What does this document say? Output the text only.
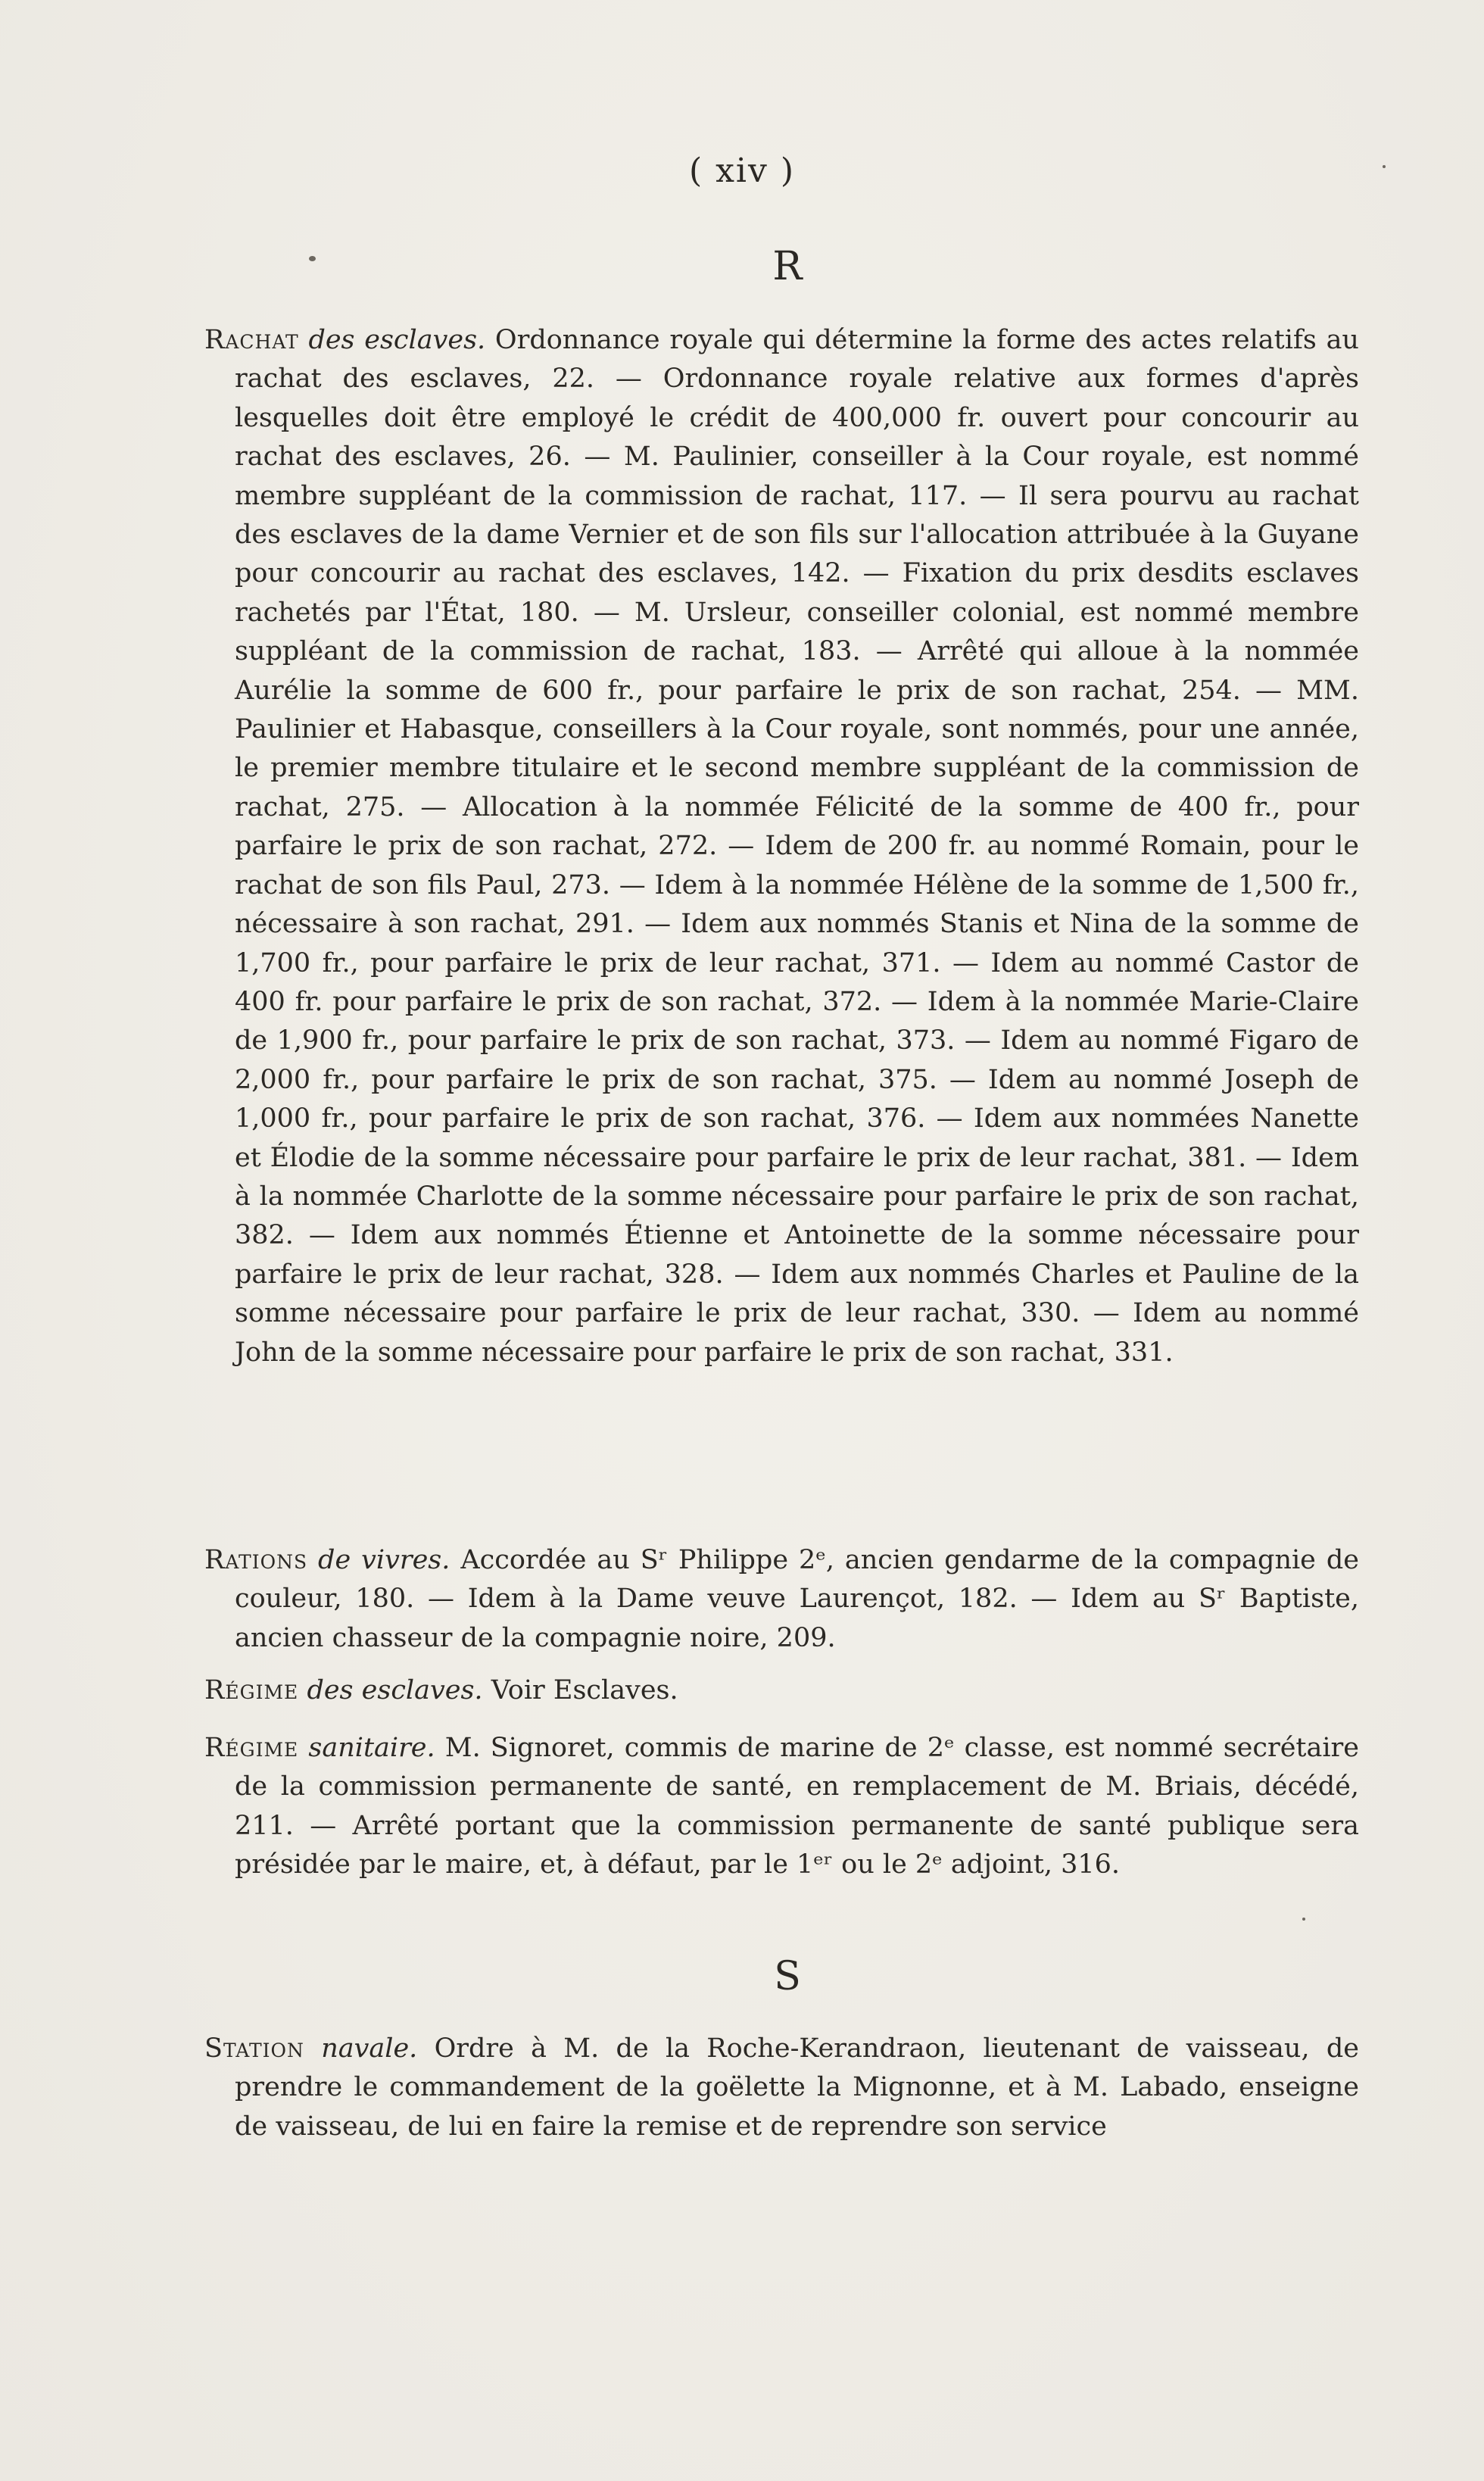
( xiv )
R
Rachat des esclaves. Ordonnance royale qui détermine la forme des actes relatifs au rachat des esclaves, 22. — Ordonnance royale relative aux formes d'après lesquelles doit être employé le crédit de 400,000 fr. ouvert pour concourir au rachat des esclaves, 26. — M. Paulinier, conseiller à la Cour royale, est nommé membre suppléant de la commission de rachat, 117. — Il sera pourvu au rachat des esclaves de la dame Vernier et de son fils sur l'allocation attribuée à la Guyane pour concourir au rachat des esclaves, 142. — Fixation du prix desdits esclaves rachetés par l'État, 180. — M. Ursleur, conseiller colonial, est nommé membre suppléant de la commission de rachat, 183. — Arrêté qui alloue à la nommée Aurélie la somme de 600 fr., pour parfaire le prix de son rachat, 254. — MM. Paulinier et Habasque, conseillers à la Cour royale, sont nommés, pour une année, le premier membre titulaire et le second membre suppléant de la commission de rachat, 275. — Allocation à la nommée Félicité de la somme de 400 fr., pour parfaire le prix de son rachat, 272. — Idem de 200 fr. au nommé Romain, pour le rachat de son fils Paul, 273. — Idem à la nommée Hélène de la somme de 1,500 fr., nécessaire à son rachat, 291. — Idem aux nommés Stanis et Nina de la somme de 1,700 fr., pour parfaire le prix de leur rachat, 371. — Idem au nommé Castor de 400 fr. pour parfaire le prix de son rachat, 372. — Idem à la nommée Marie-Claire de 1,900 fr., pour parfaire le prix de son rachat, 373. — Idem au nommé Figaro de 2,000 fr., pour parfaire le prix de son rachat, 375. — Idem au nommé Joseph de 1,000 fr., pour parfaire le prix de son rachat, 376. — Idem aux nommées Nanette et Élodie de la somme nécessaire pour parfaire le prix de leur rachat, 381. — Idem à la nommée Charlotte de la somme nécessaire pour parfaire le prix de son rachat, 382. — Idem aux nommés Étienne et Antoinette de la somme nécessaire pour parfaire le prix de leur rachat, 328. — Idem aux nommés Charles et Pauline de la somme nécessaire pour parfaire le prix de leur rachat, 330. — Idem au nommé John de la somme nécessaire pour parfaire le prix de son rachat, 331.
Rations de vivres. Accordée au Sʳ Philippe 2ᵉ, ancien gendarme de la compagnie de couleur, 180. — Idem à la Dame veuve Laurençot, 182. — Idem au Sʳ Baptiste, ancien chasseur de la compagnie noire, 209.
Régime des esclaves. Voir Esclaves.
Régime sanitaire. M. Signoret, commis de marine de 2ᵉ classe, est nommé secrétaire de la commission permanente de santé, en remplacement de M. Briais, décédé, 211. — Arrêté portant que la commission permanente de santé publique sera présidée par le maire, et, à défaut, par le 1ᵉʳ ou le 2ᵉ adjoint, 316.
S
Station navale. Ordre à M. de la Roche-Kerandraon, lieutenant de vaisseau, de prendre le commandement de la goëlette la Mignonne, et à M. Labado, enseigne de vaisseau, de lui en faire la remise et de reprendre son service
